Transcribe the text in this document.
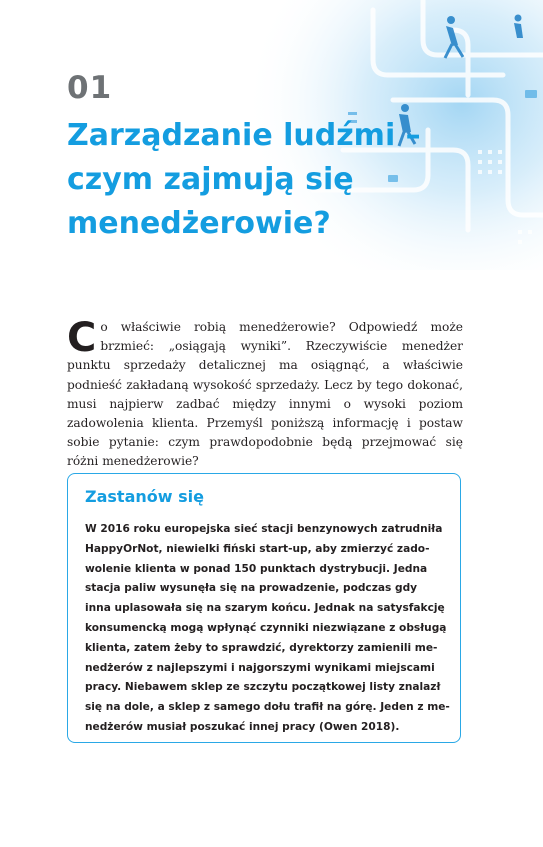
01
Zarządzanie ludźmi –
czym zajmują się
menedżerowie?
C o właściwie robią menedżerowie? Odpowiedź może brzmieć: „osiągają wyniki”. Rzeczywiście menedżer punktu sprzedaży detalicznej ma osiągnąć, a właściwie podnieść zakładaną wysokość sprzedaży. Lecz by tego dokonać, musi najpierw zadbać między innymi o wysoki poziom zadowolenia klienta. Przemyśl poniższą informację i postaw sobie pytanie: czym prawdopodobnie będą przejmować się różni menedżerowie?

Zastanów się

W 2016 roku europejska sieć stacji benzynowych zatrudniła
HappyOrNot, niewielki fiński start-up, aby zmierzyć zado-
wolenie klienta w ponad 150 punktach dystrybucji. Jedna
stacja paliw wysunęła się na prowadzenie, podczas gdy
inna uplasowała się na szarym końcu. Jednak na satysfakcję
konsumencką mogą wpłynąć czynniki niezwiązane z obsługą
klienta, zatem żeby to sprawdzić, dyrektorzy zamienili me-
nedżerów z najlepszymi i najgorszymi wynikami miejscami
pracy. Niebawem sklep ze szczytu początkowej listy znalazł
się na dole, a sklep z samego dołu trafił na górę. Jeden z me-
nedżerów musiał poszukać innej pracy (Owen 2018).
